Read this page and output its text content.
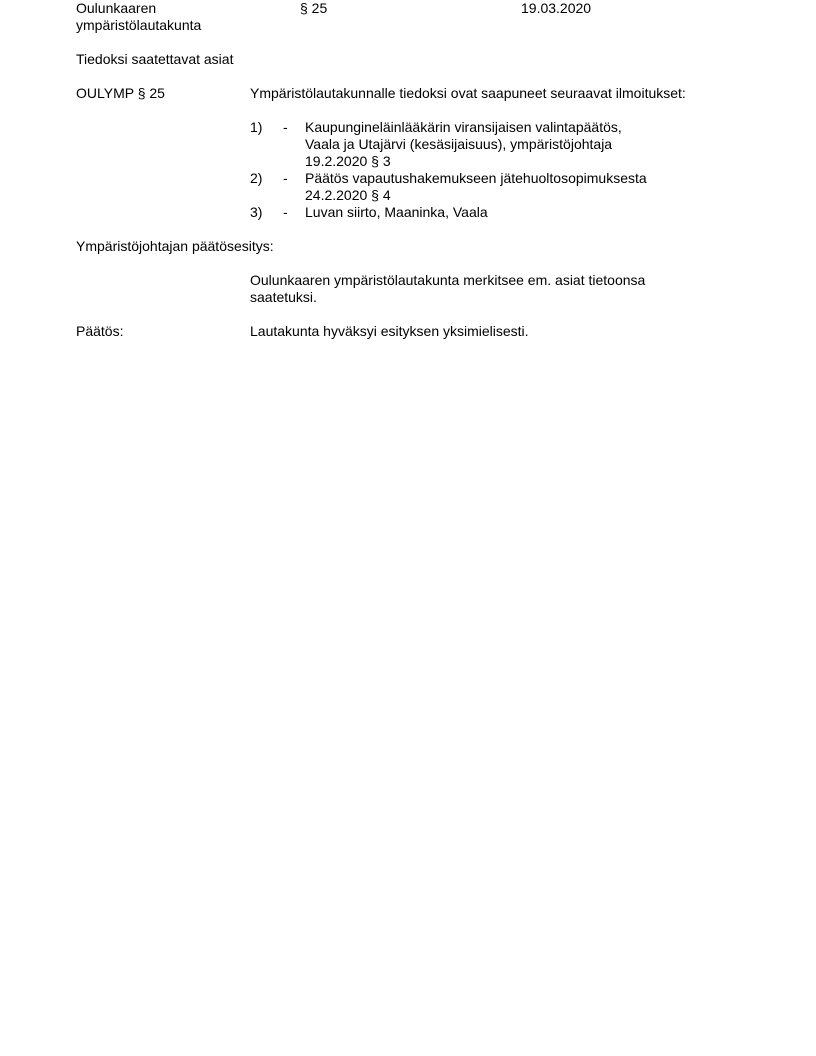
Oulunkaaren
ympäristölautakunta
§ 25	19.03.2020
Tiedoksi saatettavat asiat
OULYMP § 25	Ympäristölautakunnalle tiedoksi ovat saapuneet seuraavat ilmoitukset:
1)	- Kaupungineläinlääkärin viransijaisen valintapäätös,
Vaala ja Utajärvi (kesäsijaisuus), ympäristöjohtaja
19.2.2020 § 3
2)	- Päätös vapautushakemukseen jätehuoltosopimuksesta
24.2.2020 § 4
3)	- Luvan siirto, Maaninka, Vaala
Ympäristöjohtajan päätösesitys:
Oulunkaaren ympäristölautakunta merkitsee em. asiat tietoonsa
saatetuksi.
Päätös:	Lautakunta hyväksyi esityksen yksimielisesti.
